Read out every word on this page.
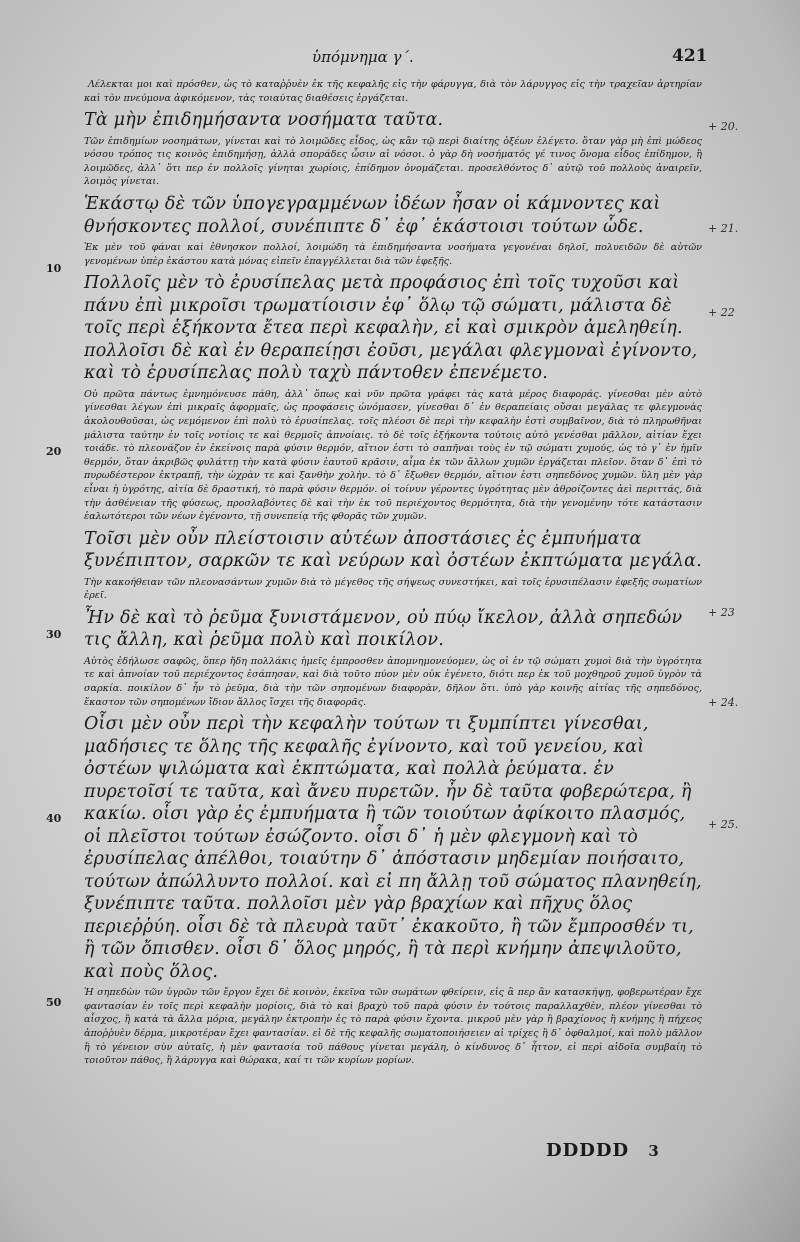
ὑπόμνημα γ΄.	421
10
20
30
40
50
+ 20.
+ 21.
+ 22
+ 23
+ 24.
+ 25.

Λέλεκται μοι καὶ πρόσθεν, ὡς τὸ καταῤῥυὲν ἐκ τῆς κεφαλῆς εἰς τὴν φάρυγγα, διὰ τὸν λάρυγγος εἰς τὴν τραχεῖαν ἀρτηρίαν καὶ τὸν πνεύμονα ἀφικόμενον, τὰς τοιαύτας διαθέσεις ἐργάζεται.

Τὰ μὴν ἐπιδημήσαντα νοσήματα ταῦτα.

Τῶν ἐπιδημίων νοσημάτων, γίνεται καὶ τὸ λοιμῶδες εἶδος, ὡς κἂν τῷ περὶ διαίτης ὀξέων ἐλέγετο. ὅταν γὰρ μὴ ἐπὶ μώδεος νόσου τρόπος τις κοινὸς ἐπιδημήσῃ, ἀλλὰ σποράδες ὦσιν αἱ νόσοι. ὁ γὰρ δὴ νοσήματός γέ τινος ὄνομα εἶδος ἐπίδημον, ἢ λοιμῶδες, ἀλλ᾽ ὅτι περ ἐν πολλοῖς γίνηται χωρίοις, ἐπίδημον ὀνομάζεται. προσελθόντος δ᾽ αὐτῷ τοῦ πολλοὺς ἀναιρεῖν, λοιμὸς γίνεται.

Ἑκάστῳ δὲ τῶν ὑπογεγραμμένων ἰδέων ἦσαν οἱ κάμνοντες καὶ θνήσκοντες πολλοί, συνέπιπτε δ᾽ ἐφ᾽ ἑκάστοισι τούτων ὧδε.

Ἐκ μὲν τοῦ φάναι καὶ ἐθνησκον πολλοί, λοιμώδη τὰ ἐπιδημήσαντα νοσήματα γεγονέναι δηλοῖ, πολυειδῶν δὲ αὐτῶν γενομένων ὑπὲρ ἑκάστου κατὰ μόνας εἰπεῖν ἐπαγγέλλεται διὰ τῶν ἐφεξῆς.

Πολλοῖς μὲν τὸ ἐρυσίπελας μετὰ προφάσιος ἐπὶ τοῖς τυχοῦσι καὶ πάνυ ἐπὶ μικροῖσι τρωματίοισιν ἐφ᾽ ὅλῳ τῷ σώματι, μάλιστα δὲ τοῖς περὶ ἑξήκοντα ἔτεα περὶ κεφαλὴν, εἰ καὶ σμικρὸν ἀμεληθείη. πολλοῖσι δὲ καὶ ἐν θεραπείῃσι ἐοῦσι, μεγάλαι φλεγμοναὶ ἐγίνοντο, καὶ τὸ ἐρυσίπελας πολὺ ταχὺ πάντοθεν ἐπενέμετο.

Οὐ πρῶτα πάντως ἐμνημόνευσε πάθη, ἀλλ᾽ ὅπως καὶ νῦν πρῶτα γράφει τὰς κατὰ μέρος διαφοράς. γίνεσθαι μὲν αὐτὸ γίνεσθαι λέγων ἐπὶ μικραῖς ἀφορμαῖς, ὡς προφάσεις ὠνόμασεν, γίνεσθαι δ᾽ ἐν θεραπείαις οὔσαι μεγάλας τε φλεγμονὰς ἀκολουθοῦσαι, ὡς νεμόμενον ἐπὶ πολὺ τὸ ἐρυσίπελας. τοῖς πλέοσι δὲ περὶ τὴν κεφαλὴν ἐστὶ συμβαῖνον, διὰ τὸ πληρωθῆναι μάλιστα ταύτην ἐν τοῖς νοτίοις τε καὶ θερμοῖς ἀπνοίαις. τὸ δὲ τοῖς ἑξήκοντα τούτοις αὐτὸ γενέσθαι μᾶλλον, αἰτίαν ἔχει τοιάδε. τὸ πλεονάζον ἐν ἐκείνοις παρὰ φύσιν θερμόν, αἴτιον ἐστι τὸ σαπῆναι τοὺς ἐν τῷ σώματι χυμούς, ὡς τὸ γ᾽ ἐν ἡμῖν θερμόν, ὅταν ἀκριβῶς φυλάττῃ τὴν κατὰ φύσιν ἑαυτοῦ κρᾶσιν, αἷμα ἐκ τῶν ἄλλων χυμῶν ἐργάζεται πλεῖον. ὅταν δ᾽ ἐπὶ τὸ πυρωδέστερον ἐκτραπῇ, τὴν ὠχρὰν τε καὶ ξανθὴν χολὴν. τὸ δ᾽ ἔξωθεν θερμόν, αἴτιον ἐστι σηπεδόνος χυμῶν. ὕλη μὲν γὰρ εἶναι ἡ ὑγρότης, αἰτία δὲ δραστική, τὸ παρὰ φύσιν θερμόν. οἱ τοίνυν γέροντες ὑγρότητας μὲν ἀθροίζοντες ἀεὶ περιττάς, διὰ τὴν ἀσθένειαν τῆς φύσεως, προσλαβόντες δὲ καὶ τὴν ἐκ τοῦ περιέχοντος θερμότητα, διὰ τὴν γενομένην τότε κατάστασιν ἑαλωτότεροι τῶν νέων ἐγένοντο, τῇ συνεπείᾳ τῆς φθορᾶς τῶν χυμῶν.

Τοῖσι μὲν οὖν πλείστοισιν αὐτέων ἀποστάσιες ἐς ἐμπυήματα ξυνέπιπτον, σαρκῶν τε καὶ νεύρων καὶ ὀστέων ἐκπτώματα μεγάλα.

Τὴν κακοήθειαν τῶν πλεονασάντων χυμῶν διὰ τὸ μέγεθος τῆς σήψεως συνεστήκει, καὶ τοῖς ἐρυσιπέλασιν ἐφεξῆς σωματίων ἐρεῖ.

Ἦν δὲ καὶ τὸ ῥεῦμα ξυνιστάμενον, οὐ πύῳ ἴκελον, ἀλλὰ σηπεδών τις ἄλλη, καὶ ῥεῦμα πολὺ καὶ ποικίλον.

Αὐτὸς ἐδήλωσε σαφῶς, ὅπερ ἤδη πολλάκις ἡμεῖς ἐμπροσθεν ἀπομνημονεύομεν, ὡς οἱ ἐν τῷ σώματι χυμοὶ διὰ τὴν ὑγρότητα τε καὶ ἀπνοίαν τοῦ περιέχοντος ἐσάπησαν, καὶ διὰ τοῦτο πύον μὲν οὐκ ἐγένετο, διότι περ ἐκ τοῦ μοχθηροῦ χυμοῦ ὑγρὸν τὰ σαρκία. ποικίλον δ᾽ ἦν τὸ ῥεῦμα, διὰ τὴν τῶν σηπομένων διαφορὰν, δῆλον ὅτι. ὑπὸ γὰρ κοινῆς αἰτίας τῆς σηπεδόνος, ἕκαστον τῶν σηπομένων ἴδιον ἄλλος ἴσχει τῆς διαφορᾶς.

Οἷσι μὲν οὖν περὶ τὴν κεφαλὴν τούτων τι ξυμπίπτει γίνεσθαι, μαδήσιες τε ὅλης τῆς κεφαλῆς ἐγίνοντο, καὶ τοῦ γενείου, καὶ ὀστέων ψιλώματα καὶ ἐκπτώματα, καὶ πολλὰ ῥεύματα. ἐν πυρετοῖσί τε ταῦτα, καὶ ἄνευ πυρετῶν. ἦν δὲ ταῦτα φοβερώτερα, ἢ κακίω. οἷσι γὰρ ἐς ἐμπυήματα ἢ τῶν τοιούτων ἀφίκοιτο πλασμός, οἱ πλεῖστοι τούτων ἐσώζοντο. οἷσι δ᾽ ἡ μὲν φλεγμονὴ καὶ τὸ ἐρυσίπελας ἀπέλθοι, τοιαύτην δ᾽ ἀπόστασιν μηδεμίαν ποιήσαιτο, τούτων ἀπώλλυντο πολλοί. καὶ εἰ πη ἄλλῃ τοῦ σώματος πλανηθείη, ξυνέπιπτε ταῦτα. πολλοῖσι μὲν γὰρ βραχίων καὶ πῆχυς ὅλος περιεῤῥύη. οἷσι δὲ τὰ πλευρὰ ταῦτ᾽ ἐκακοῦτο, ἢ τῶν ἔμπροσθέν τι, ἢ τῶν ὄπισθεν. οἷσι δ᾽ ὅλος μηρός, ἢ τὰ περὶ κνήμην ἀπεψιλοῦτο, καὶ ποὺς ὅλος.

Ἡ σηπεδὼν τῶν ὑγρῶν τῶν ἔργον ἔχει δὲ κοινὸν, ἐκεῖνα τῶν σωμάτων φθείρειν, εἰς ἃ περ ἂν κατασκήψῃ, φοβερωτέραν ἔχε φαντασίαν ἐν τοῖς περὶ κεφαλὴν μορίοις, διὰ τὸ καὶ βραχὺ τοῦ παρὰ φύσιν ἐν τούτοις παραλλαχθὲν, πλέον γίνεσθαι τὸ αἶσχος, ἢ κατὰ τὰ ἄλλα μόρια, μεγάλην ἐκτροπὴν ἐς τὸ παρὰ φύσιν ἔχοντα. μικροῦ μὲν γὰρ ἢ βραχίονος ἢ κνήμης ἢ πήχεος ἀποῤῥυὲν δέρμα, μικροτέραν ἔχει φαντασίαν. εἰ δὲ τῆς κεφαλῆς σωματοποιήσειεν αἱ τρίχες ἢ δ᾽ ὀφθαλμοί, καὶ πολὺ μᾶλλον ἢ τὸ γένειον σὺν αὐταῖς, ἡ μὲν φαντασία τοῦ πάθους γίνεται μεγάλη, ὁ κίνδυνος δ᾽ ἧττον, εἰ περὶ αἰδοῖα συμβαίη τὸ τοιοῦτον πάθος, ἢ λάρυγγα καὶ θώρακα, καί τι τῶν κυρίων μορίων.

DDDDD 3
